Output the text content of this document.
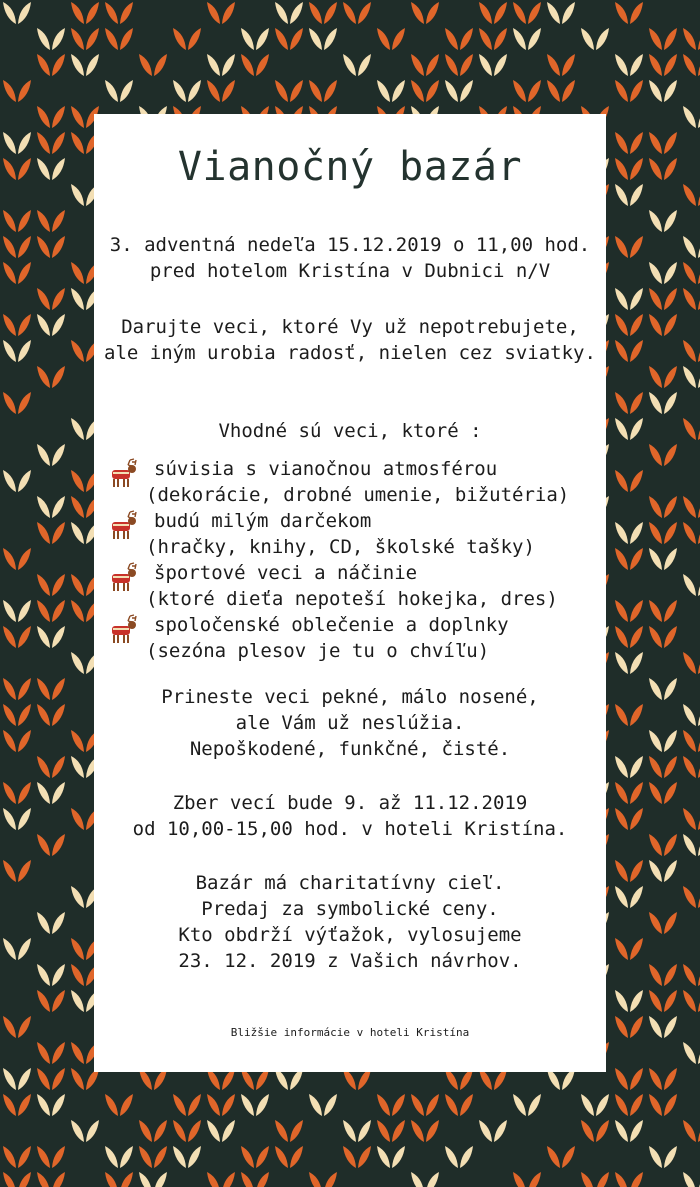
Vianočný bazár
3. adventná nedeľa 15.12.2019 o 11,00 hod.
pred hotelom Kristína v Dubnici n/V
Darujte veci, ktoré Vy už nepotrebujete,
ale iným urobia radosť, nielen cez sviatky.
Vhodné sú veci, ktoré :
súvisia s vianočnou atmosférou
(dekorácie, drobné umenie, bižutéria)
budú milým darčekom
(hračky, knihy, CD, školské tašky)
športové veci a náčinie
(ktoré dieťa nepoteší hokejka, dres)
spoločenské oblečenie a doplnky
(sezóna plesov je tu o chvíľu)
Prineste veci pekné, málo nosené,
ale Vám už neslúžia.
Nepoškodené, funkčné, čisté.
Zber vecí bude 9. až 11.12.2019
od 10,00-15,00 hod. v hoteli Kristína.
Bazár má charitatívny cieľ.
Predaj za symbolické ceny.
Kto obdrží výťažok, vylosujeme
23. 12. 2019 z Vašich návrhov.
Bližšie informácie v hoteli Kristína
